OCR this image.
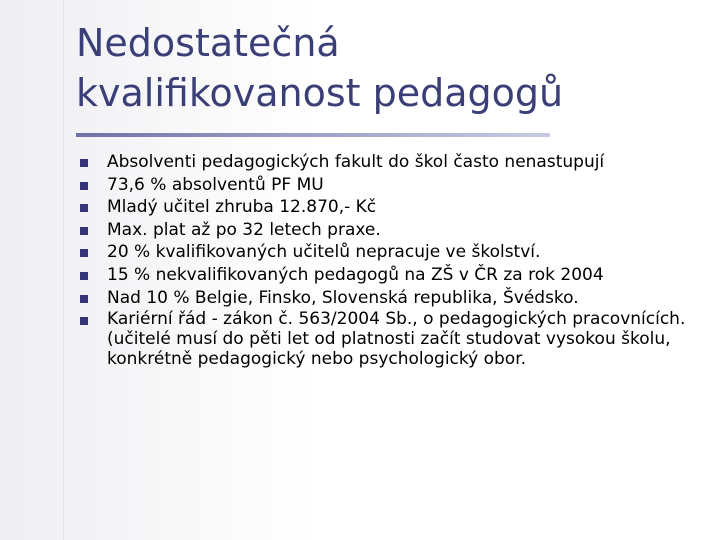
Nedostatečná
kvalifikovanost pedagogů
Absolventi pedagogických fakult do škol často nenastupují
73,6 % absolventů PF MU
Mladý učitel zhruba 12.870,- Kč
Max. plat až po 32 letech praxe.
20 % kvalifikovaných učitelů nepracuje ve školství.
15 % nekvalifikovaných pedagogů na ZŠ v ČR za rok 2004
Nad 10 % Belgie, Finsko, Slovenská republika, Švédsko.
Kariérní řád - zákon č. 563/2004 Sb., o pedagogických pracovnících. (učitelé musí do pěti let od platnosti začít studovat vysokou školu, konkrétně pedagogický nebo psychologický obor.
